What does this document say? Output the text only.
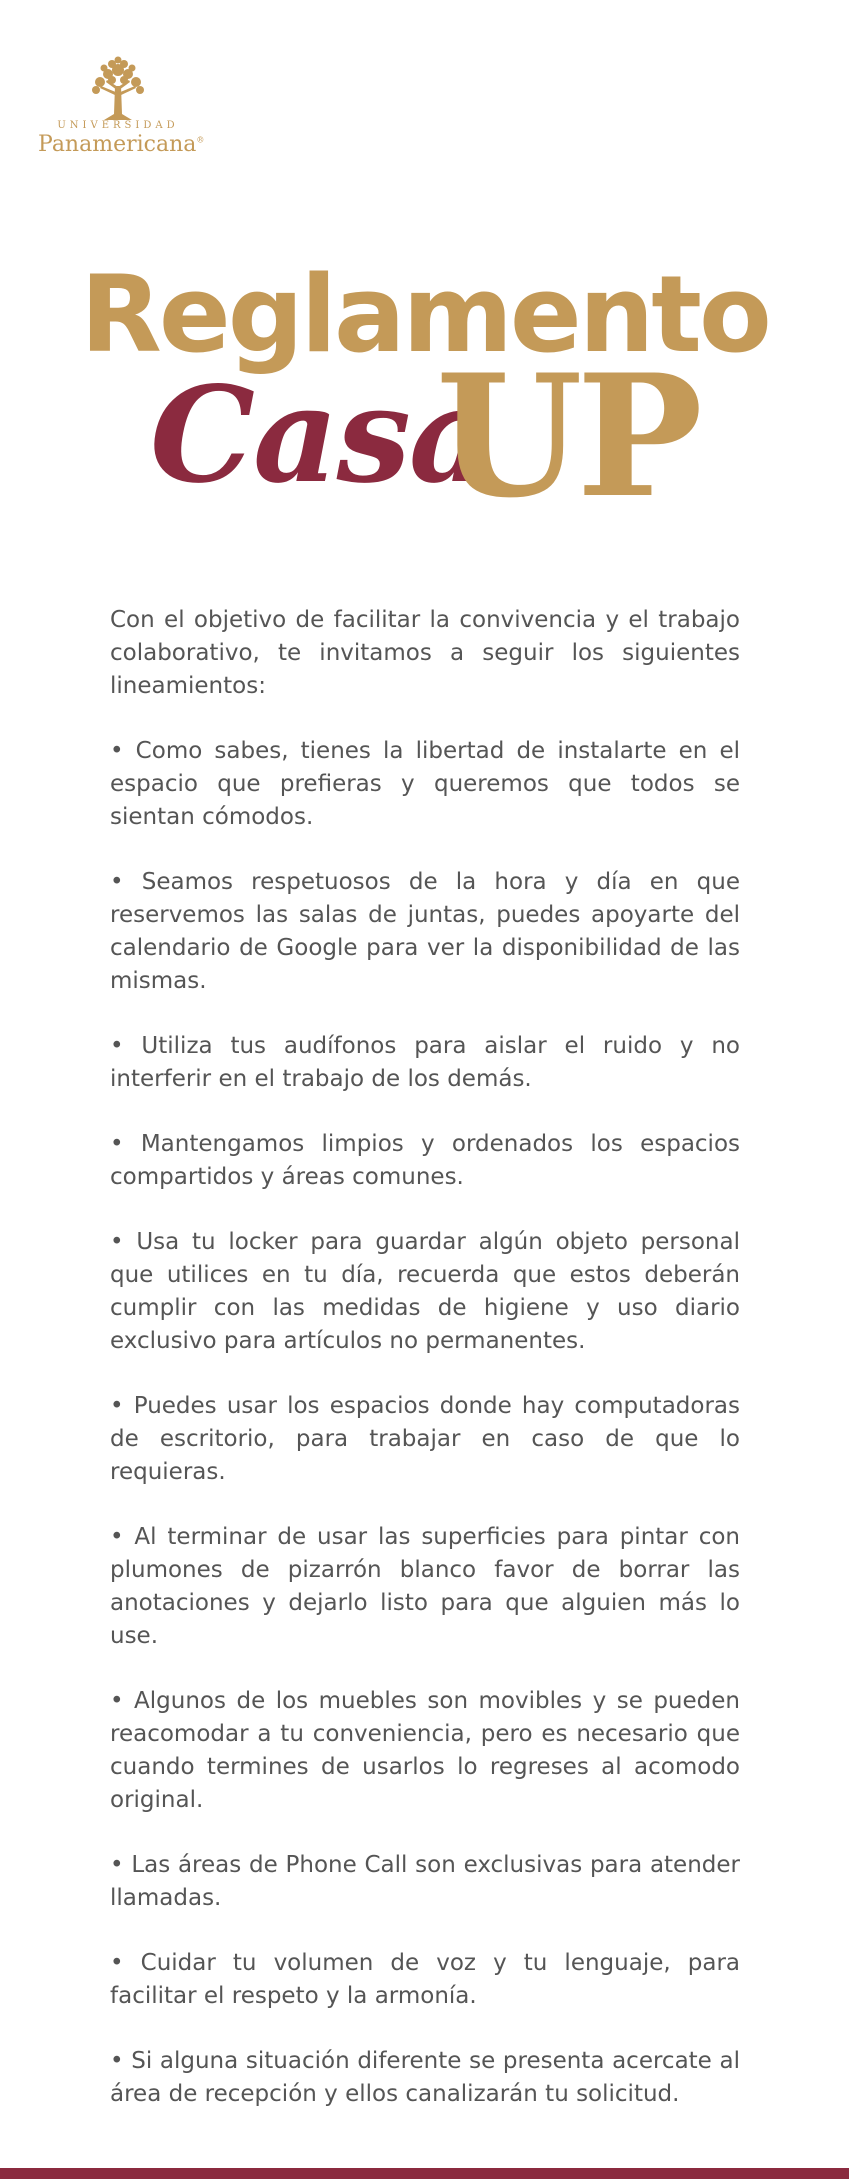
UNIVERSIDAD
Panamericana®
Reglamento
Casa
UP

Con el objetivo de facilitar la convivencia y el trabajo colaborativo, te invitamos a seguir los siguientes lineamientos:

• Como sabes, tienes la libertad de instalarte en el espacio que prefieras y queremos que todos se sientan cómodos.

• Seamos respetuosos de la hora y día en que reservemos las salas de juntas, puedes apoyarte del calendario de Google para ver la disponibilidad de las mismas.

• Utiliza tus audífonos para aislar el ruido y no interferir en el trabajo de los demás.

• Mantengamos limpios y ordenados los espacios compartidos y áreas comunes.

• Usa tu locker para guardar algún objeto personal que utilices en tu día, recuerda que estos deberán cumplir con las medidas de higiene y uso diario exclusivo para artículos no permanentes.

• Puedes usar los espacios donde hay computadoras de escritorio, para trabajar en caso de que lo requieras.

• Al terminar de usar las superficies para pintar con plumones de pizarrón blanco favor de borrar las anotaciones y dejarlo listo para que alguien más lo use.

• Algunos de los muebles son movibles y se pueden reacomodar a tu conveniencia, pero es necesario que cuando termines de usarlos lo regreses al acomodo original.

• Las áreas de Phone Call son exclusivas para atender llamadas.

• Cuidar tu volumen de voz y tu lenguaje, para facilitar el respeto y la armonía.

• Si alguna situación diferente se presenta acercate al área de recepción y ellos canalizarán tu solicitud.
